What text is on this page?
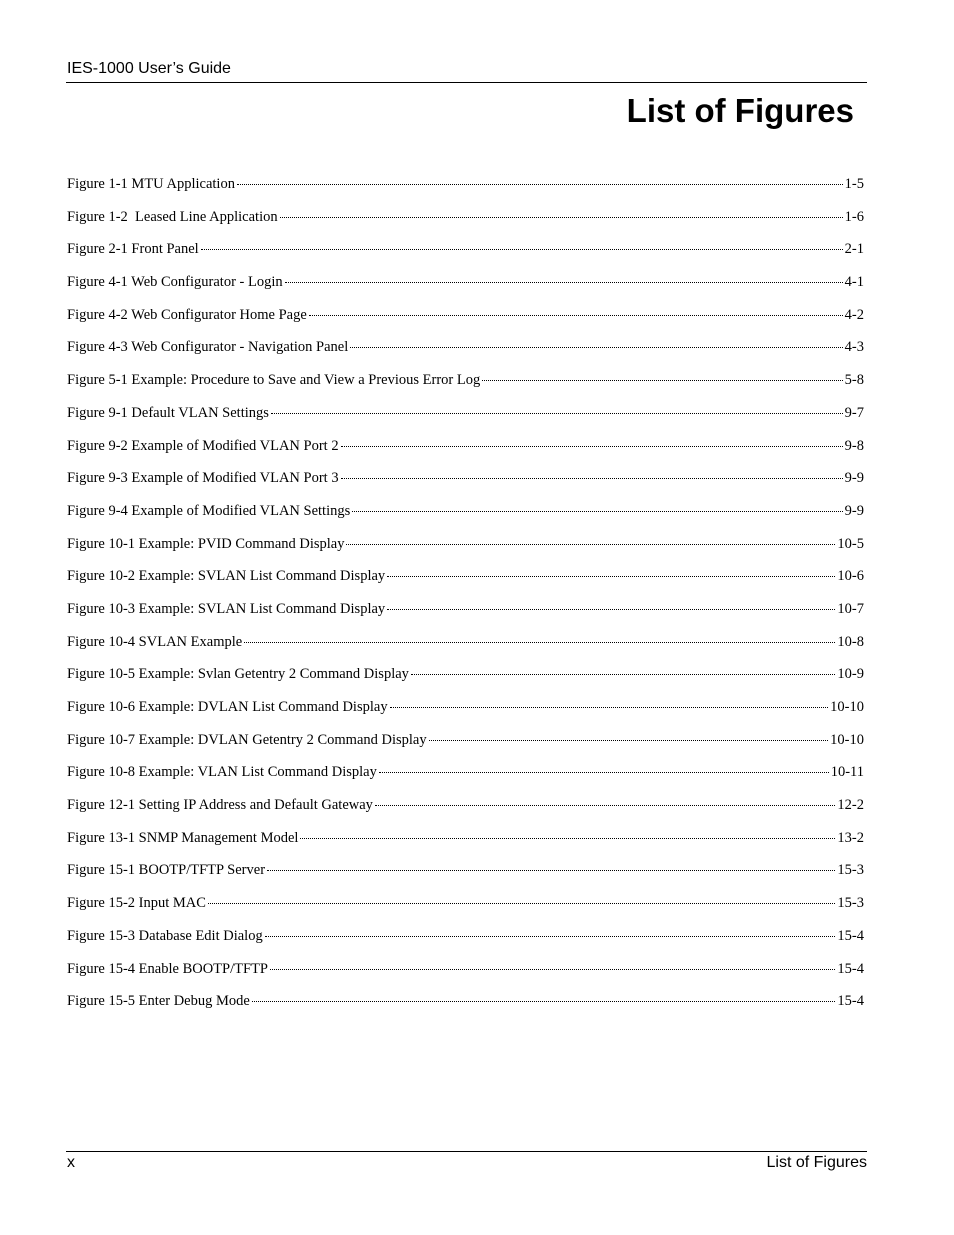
IES-1000 User’s Guide
List of Figures
Figure 1-1 MTU Application	1-5
Figure 1-2  Leased Line Application	1-6
Figure 2-1 Front Panel	2-1
Figure 4-1 Web Configurator - Login	4-1
Figure 4-2 Web Configurator Home Page	4-2
Figure 4-3 Web Configurator - Navigation Panel	4-3
Figure 5-1 Example: Procedure to Save and View a Previous Error Log	5-8
Figure 9-1 Default VLAN Settings	9-7
Figure 9-2 Example of Modified VLAN Port 2	9-8
Figure 9-3 Example of Modified VLAN Port 3	9-9
Figure 9-4 Example of Modified VLAN Settings	9-9
Figure 10-1 Example: PVID Command Display	10-5
Figure 10-2 Example: SVLAN List Command Display	10-6
Figure 10-3 Example: SVLAN List Command Display	10-7
Figure 10-4 SVLAN Example	10-8
Figure 10-5 Example: Svlan Getentry 2 Command Display	10-9
Figure 10-6 Example: DVLAN List Command Display	10-10
Figure 10-7 Example: DVLAN Getentry 2 Command Display	10-10
Figure 10-8 Example: VLAN List Command Display	10-11
Figure 12-1 Setting IP Address and Default Gateway	12-2
Figure 13-1 SNMP Management Model	13-2
Figure 15-1 BOOTP/TFTP Server	15-3
Figure 15-2 Input MAC	15-3
Figure 15-3 Database Edit Dialog	15-4
Figure 15-4 Enable BOOTP/TFTP	15-4
Figure 15-5 Enter Debug Mode	15-4
x	List of Figures
